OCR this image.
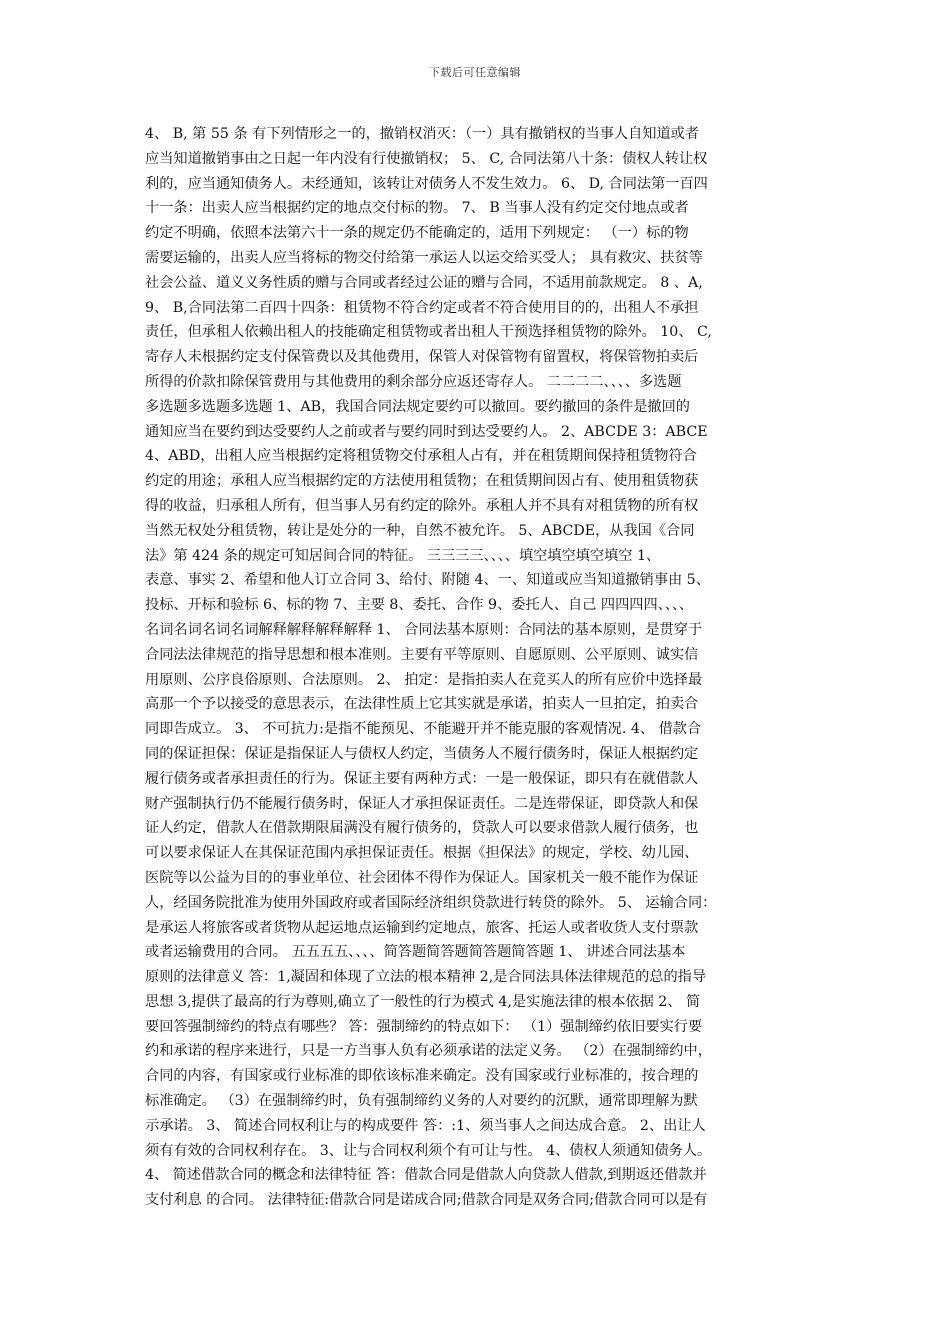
下载后可任意编辑
4、 B, 第 55 条 有下列情形之一的，撤销权消灭：（一）具有撤销权的当事人自知道或者
应当知道撤销事由之日起一年内没有行使撤销权； 5、 C, 合同法第八十条：债权人转让权
利的，应当通知债务人。未经通知，该转让对债务人不发生效力。 6、 D, 合同法第一百四
十一条：出卖人应当根据约定的地点交付标的物。 7、 B 当事人没有约定交付地点或者
约定不明确，依照本法第六十一条的规定仍不能确定的，适用下列规定： （一）标的物
需要运输的，出卖人应当将标的物交付给第一承运人以运交给买受人； 具有救灾、扶贫等
社会公益、道义义务性质的赠与合同或者经过公证的赠与合同，不适用前款规定。 8 、A,
9、 B,合同法第二百四十四条：租赁物不符合约定或者不符合使用目的的，出租人不承担
责任，但承租人依赖出租人的技能确定租赁物或者出租人干预选择租赁物的除外。 10、 C,
寄存人未根据约定支付保管费以及其他费用，保管人对保管物有留置权，将保管物拍卖后
所得的价款扣除保管费用与其他费用的剩余部分应返还寄存人。 二二二二、、、、多选题
多选题多选题多选题 1、AB，我国合同法规定要约可以撤回。要约撤回的条件是撤回的
通知应当在要约到达受要约人之前或者与要约同时到达受要约人。 2、ABCDE 3：ABCE
4、ABD，出租人应当根据约定将租赁物交付承租人占有，并在租赁期间保持租赁物符合
约定的用途；承租人应当根据约定的方法使用租赁物；在租赁期间因占有、使用租赁物获
得的收益，归承租人所有，但当事人另有约定的除外。承租人并不具有对租赁物的所有权
当然无权处分租赁物，转让是处分的一种，自然不被允许。 5、ABCDE，从我国《合同
法》第 424 条的规定可知居间合同的特征。 三三三三、、、、填空填空填空填空 1、
表意、事实 2、希望和他人订立合同 3、给付、附随 4、一、知道或应当知道撤销事由 5、
投标、开标和验标 6、标的物 7、主要 8、委托、合作 9、委托人、自己 四四四四、、、、
名词名词名词名词解释解释解释解释 1、 合同法基本原则：合同法的基本原则，是贯穿于
合同法法律规范的指导思想和根本准则。主要有平等原则、自愿原则、公平原则、诚实信
用原则、公序良俗原则、合法原则。 2、 拍定：是指拍卖人在竞买人的所有应价中选择最
高那一个予以接受的意思表示，在法律性质上它其实就是承诺，拍卖人一旦拍定，拍卖合
同即告成立。 3、 不可抗力:是指不能预见、不能避开并不能克服的客观情况. 4、 借款合
同的保证担保：保证是指保证人与债权人约定，当债务人不履行债务时，保证人根据约定
履行债务或者承担责任的行为。保证主要有两种方式：一是一般保证，即只有在就借款人
财产强制执行仍不能履行债务时，保证人才承担保证责任。二是连带保证，即贷款人和保
证人约定，借款人在借款期限届满没有履行债务的，贷款人可以要求借款人履行债务，也
可以要求保证人在其保证范围内承担保证责任。根据《担保法》的规定，学校、幼儿园、
医院等以公益为目的的事业单位、社会团体不得作为保证人。国家机关一般不能作为保证
人，经国务院批准为使用外国政府或者国际经济组织贷款进行转贷的除外。 5、 运输合同：
是承运人将旅客或者货物从起运地点运输到约定地点，旅客、托运人或者收货人支付票款
或者运输费用的合同。 五五五五、、、、简答题简答题简答题简答题 1、 讲述合同法基本
原则的法律意义 答：1,凝固和体现了立法的根本精神 2,是合同法具体法律规范的总的指导
思想 3,提供了最高的行为尊则,确立了一般性的行为模式 4,是实施法律的根本依据 2、 简
要回答强制缔约的特点有哪些？ 答：强制缔约的特点如下： （1）强制缔约依旧要实行要
约和承诺的程序来进行，只是一方当事人负有必须承诺的法定义务。 （2）在强制缔约中，
合同的内容，有国家或行业标准的即依该标准来确定。没有国家或行业标准的，按合理的
标准确定。 （3）在强制缔约时，负有强制缔约义务的人对要约的沉默，通常即理解为默
示承诺。 3、 简述合同权利让与的构成要件 答：:1、须当事人之间达成合意。 2、出让人
须有有效的合同权利存在。 3、让与合同权利须个有可让与性。 4、债权人须通知债务人。
4、 简述借款合同的概念和法律特征 答：借款合同是借款人向贷款人借款,到期返还借款并
支付利息 的合同。 法律特征:借款合同是诺成合同;借款合同是双务合同;借款合同可以是有
